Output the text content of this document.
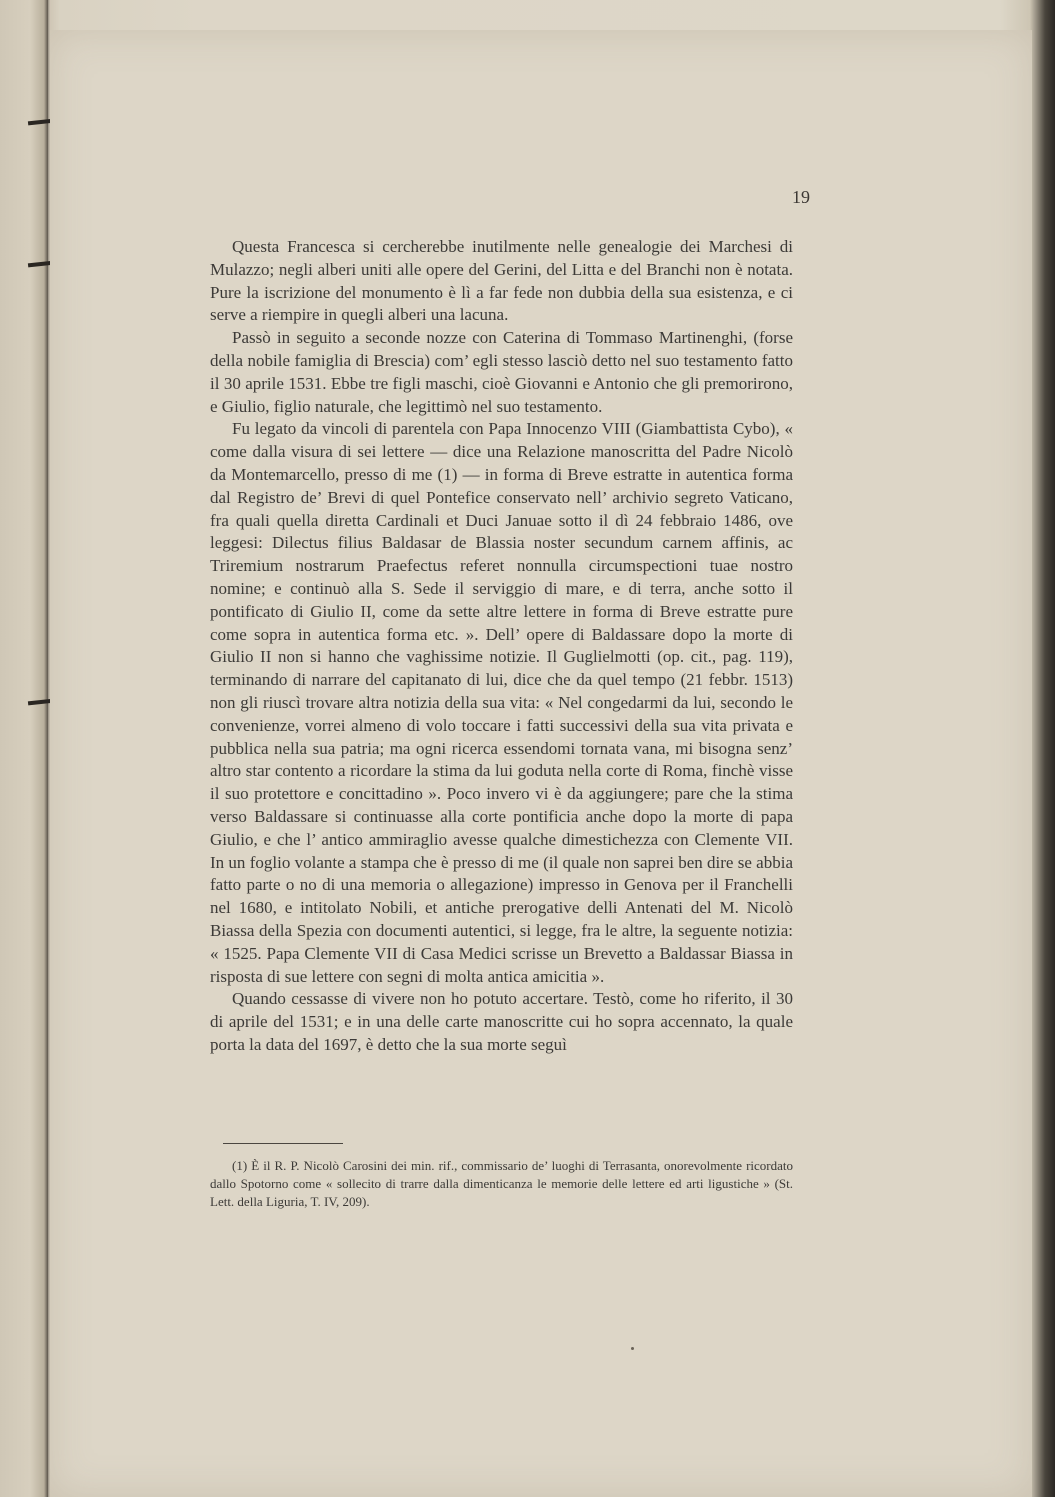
19

Questa Francesca si cercherebbe inutilmente nelle genealogie dei Marchesi di Mulazzo; negli alberi uniti alle opere del Gerini, del Litta e del Branchi non è notata. Pure la iscrizione del monumento è lì a far fede non dubbia della sua esistenza, e ci serve a riempire in quegli alberi una lacuna.

Passò in seguito a seconde nozze con Caterina di Tommaso Martinenghi, (forse della nobile famiglia di Brescia) com’ egli stesso lasciò detto nel suo testamento fatto il 30 aprile 1531. Ebbe tre figli maschi, cioè Giovanni e Antonio che gli premorirono, e Giulio, figlio naturale, che legittimò nel suo testamento.

Fu legato da vincoli di parentela con Papa Innocenzo VIII (Giambattista Cybo), « come dalla visura di sei lettere — dice una Relazione manoscritta del Padre Nicolò da Montemarcello, presso di me (1) — in forma di Breve estratte in autentica forma dal Registro de’ Brevi di quel Pontefice conservato nell’ archivio segreto Vaticano, fra quali quella diretta Cardinali et Duci Januae sotto il dì 24 febbraio 1486, ove leggesi: Dilectus filius Baldasar de Blassia noster secundum carnem affinis, ac Triremium nostrarum Praefectus referet nonnulla circumspectioni tuae nostro nomine; e continuò alla S. Sede il serviggio di mare, e di terra, anche sotto il pontificato di Giulio II, come da sette altre lettere in forma di Breve estratte pure come sopra in autentica forma etc. ». Dell’ opere di Baldassare dopo la morte di Giulio II non si hanno che vaghissime notizie. Il Guglielmotti (op. cit., pag. 119), terminando di narrare del capitanato di lui, dice che da quel tempo (21 febbr. 1513) non gli riuscì trovare altra notizia della sua vita: « Nel congedarmi da lui, secondo le convenienze, vorrei almeno di volo toccare i fatti successivi della sua vita privata e pubblica nella sua patria; ma ogni ricerca essendomi tornata vana, mi bisogna senz’ altro star contento a ricordare la stima da lui goduta nella corte di Roma, finchè visse il suo protettore e concittadino ». Poco invero vi è da aggiungere; pare che la stima verso Baldassare si continuasse alla corte pontificia anche dopo la morte di papa Giulio, e che l’ antico ammiraglio avesse qualche dimestichezza con Clemente VII. In un foglio volante a stampa che è presso di me (il quale non saprei ben dire se abbia fatto parte o no di una memoria o allegazione) impresso in Genova per il Franchelli nel 1680, e intitolato Nobili, et antiche prerogative delli Antenati del M. Nicolò Biassa della Spezia con documenti autentici, si legge, fra le altre, la seguente notizia: « 1525. Papa Clemente VII di Casa Medici scrisse un Brevetto a Baldassar Biassa in risposta di sue lettere con segni di molta antica amicitia ».

Quando cessasse di vivere non ho potuto accertare. Testò, come ho riferito, il 30 di aprile del 1531; e in una delle carte manoscritte cui ho sopra accennato, la quale porta la data del 1697, è detto che la sua morte seguì

(1) È il R. P. Nicolò Carosini dei min. rif., commissario de’ luoghi di Terrasanta, onorevolmente ricordato dallo Spotorno come « sollecito di trarre dalla dimenticanza le memorie delle lettere ed arti ligustiche » (St. Lett. della Liguria, T. IV, 209).
